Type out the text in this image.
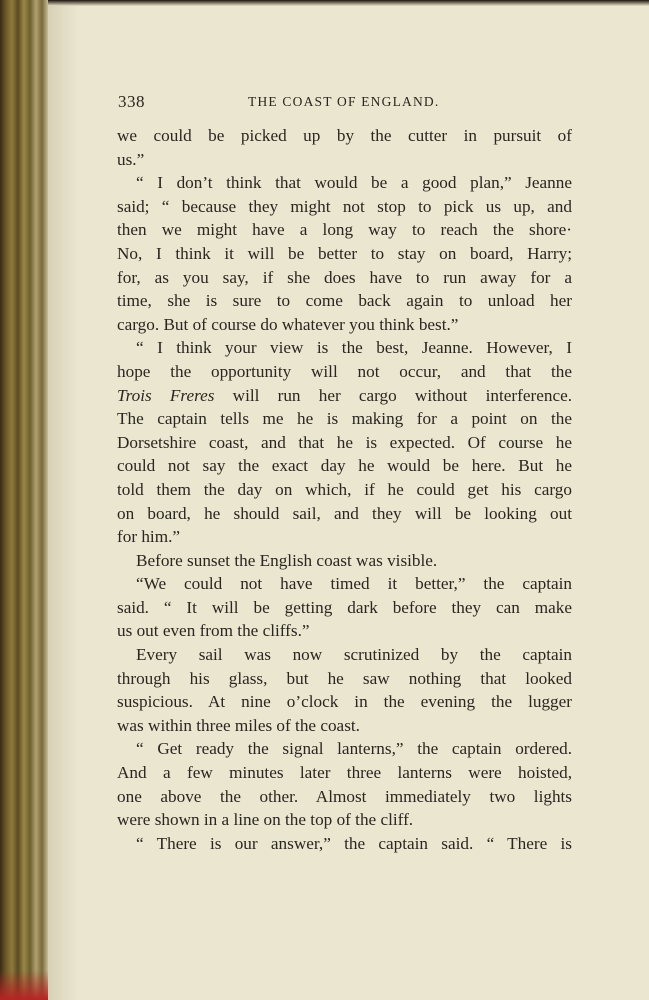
338	THE COAST OF ENGLAND.
we could be picked up by the cutter in pursuit of
us.”
“ I don’t think that would be a good plan,” Jeanne
said; “ because they might not stop to pick us up, and
then we might have a long way to reach the shore·
No, I think it will be better to stay on board, Harry;
for, as you say, if she does have to run away for a
time, she is sure to come back again to unload her
cargo. But of course do whatever you think best.”
“ I think your view is the best, Jeanne. However, I
hope the opportunity will not occur, and that the
Trois Freres will run her cargo without interference.
The captain tells me he is making for a point on the
Dorsetshire coast, and that he is expected. Of course he
could not say the exact day he would be here. But he
told them the day on which, if he could get his cargo
on board, he should sail, and they will be looking out
for him.”
Before sunset the English coast was visible.
“We could not have timed it better,” the captain
said. “ It will be getting dark before they can make
us out even from the cliffs.”
Every sail was now scrutinized by the captain
through his glass, but he saw nothing that looked
suspicious. At nine o’clock in the evening the lugger
was within three miles of the coast.
“ Get ready the signal lanterns,” the captain ordered.
And a few minutes later three lanterns were hoisted,
one above the other. Almost immediately two lights
were shown in a line on the top of the cliff.
“ There is our answer,” the captain said. “ There is
